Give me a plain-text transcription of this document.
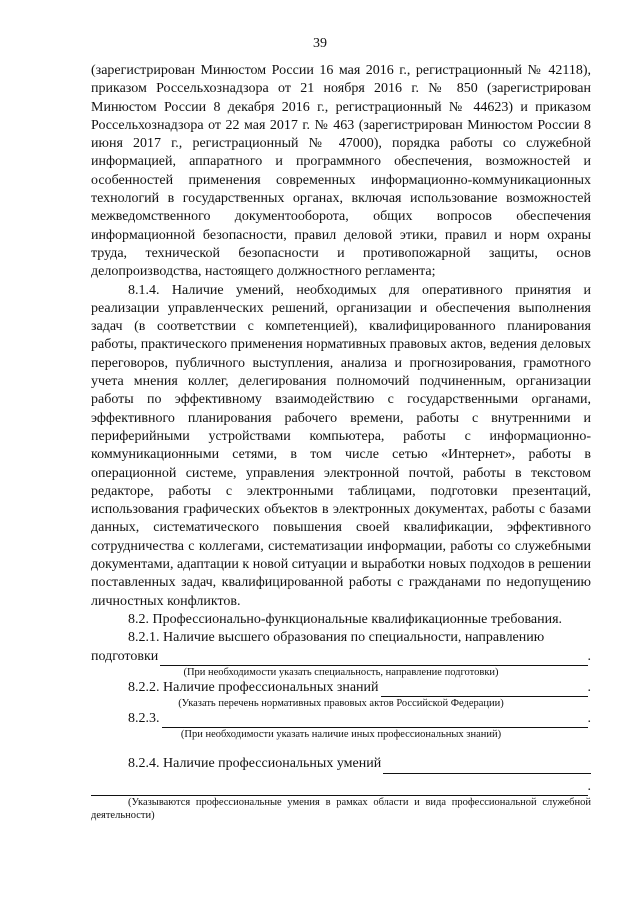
39

(зарегистрирован Минюстом России 16 мая 2016 г., регистрационный № 42118), приказом Россельхознадзора от 21 ноября 2016 г. № 850 (зарегистрирован Минюстом России 8 декабря 2016 г., регистрационный № 44623) и приказом Россельхознадзора от 22 мая 2017 г. № 463 (зарегистрирован Минюстом России 8 июня 2017 г., регистрационный № 47000), порядка работы со служебной информацией, аппаратного и программного обеспечения, возможностей и особенностей применения современных информационно-коммуникационных технологий в государственных органах, включая использование возможностей межведомственного документооборота, общих вопросов обеспечения информационной безопасности, правил деловой этики, правил и норм охраны труда, технической безопасности и противопожарной защиты, основ делопроизводства, настоящего должностного регламента;

8.1.4. Наличие умений, необходимых для оперативного принятия и реализации управленческих решений, организации и обеспечения выполнения задач (в соответствии с компетенцией), квалифицированного планирования работы, практического применения нормативных правовых актов, ведения деловых переговоров, публичного выступления, анализа и прогнозирования, грамотного учета мнения коллег, делегирования полномочий подчиненным, организации работы по эффективному взаимодействию с государственными органами, эффективного планирования рабочего времени, работы с внутренними и периферийными устройствами компьютера, работы с информационно-коммуникационными сетями, в том числе сетью «Интернет», работы в операционной системе, управления электронной почтой, работы в текстовом редакторе, работы с электронными таблицами, подготовки презентаций, использования графических объектов в электронных документах, работы с базами данных, систематического повышения своей квалификации, эффективного сотрудничества с коллегами, систематизации информации, работы со служебными документами, адаптации к новой ситуации и выработки новых подходов в решении поставленных задач, квалифицированной работы с гражданами по недопущению личностных конфликтов.

8.2. Профессионально-функциональные квалификационные требования.

8.2.1. Наличие высшего образования по специальности, направлению

подготовки	.

(При необходимости указать специальность, направление подготовки)

8.2.2. Наличие профессиональных знаний	.

(Указать перечень нормативных правовых актов Российской Федерации)

8.2.3.	.

(При необходимости указать наличие иных профессиональных знаний)

8.2.4. Наличие профессиональных умений
.

(Указываются профессиональные умения в рамках области и вида профессиональной служебной деятельности)
